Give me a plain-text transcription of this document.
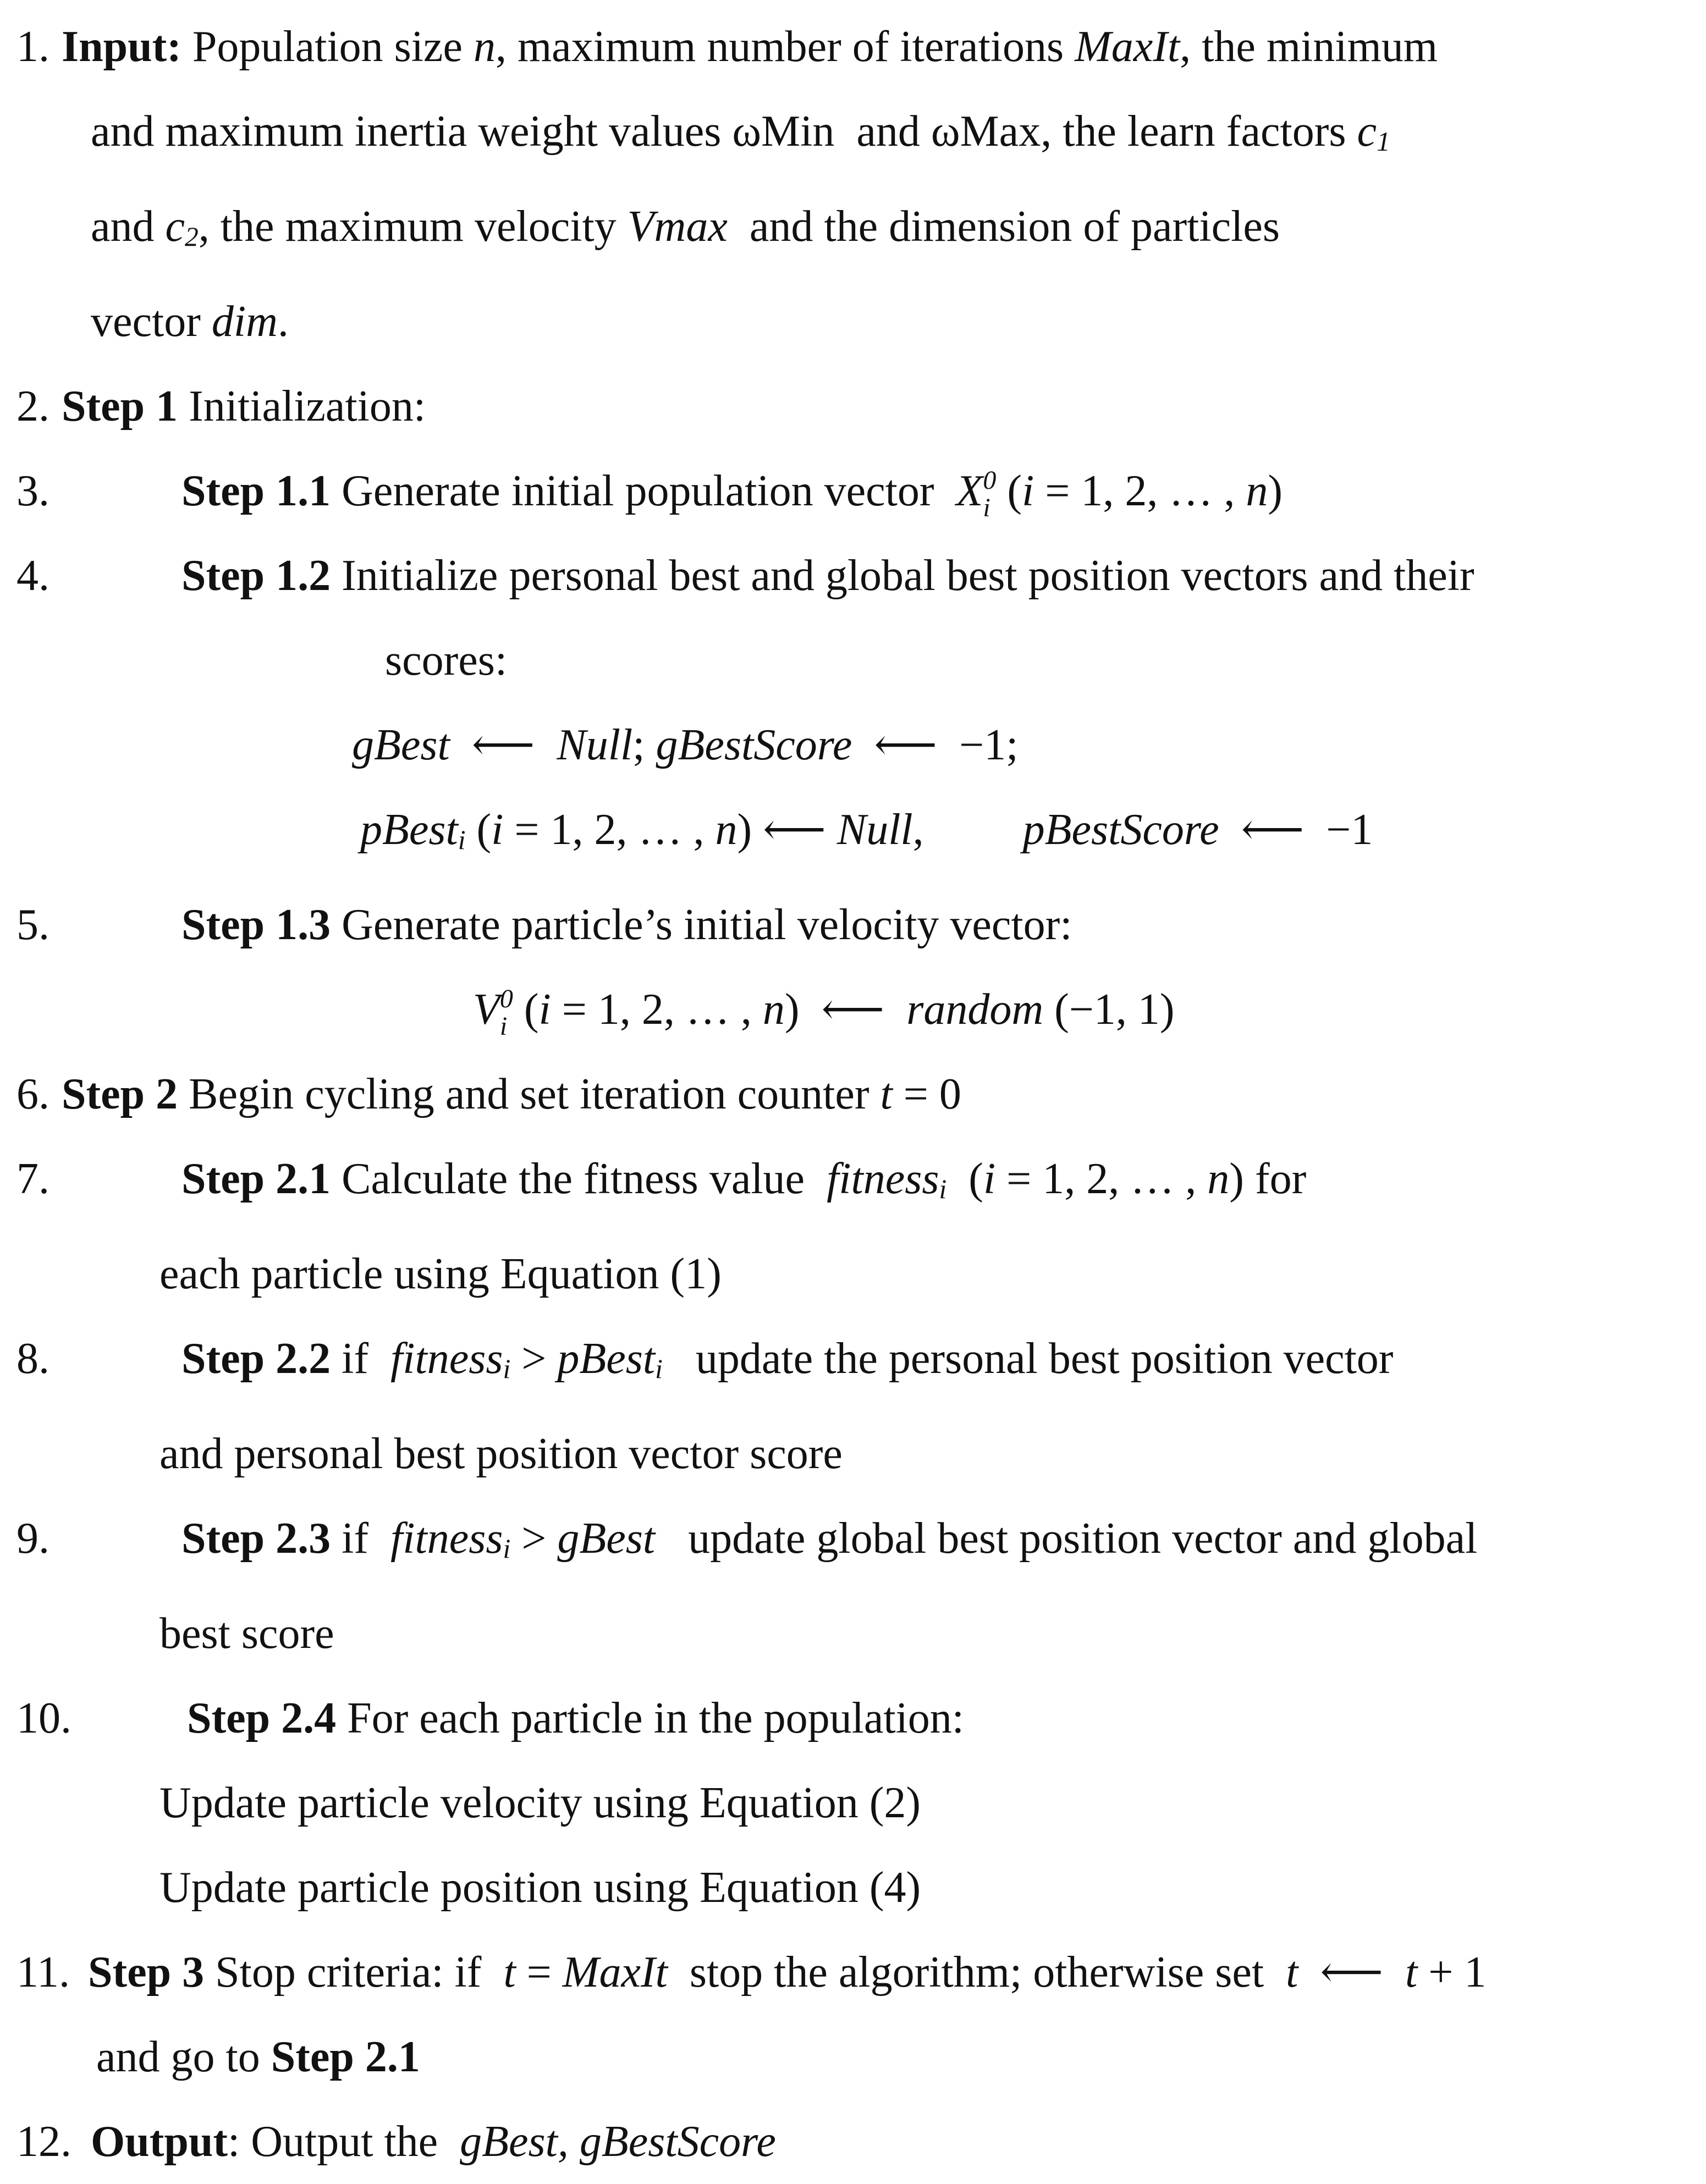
1. Input: Population size n, maximum number of iterations MaxIt, the minimum
and maximum inertia weight values ωMin  and ωMax, the learn factors c1
and c2, the maximum velocity Vmax  and the dimension of particles
vector dim.
2. Step 1 Initialization:
3.	Step 1.1 Generate initial population vector  X 0
i (i = 1, 2, … , n)
4.	Step 1.2 Initialize personal best and global best position vectors and their
scores:
gBest  ⟵  Null; gBestScore  ⟵  −1;
pBesti (i = 1, 2, … , n) ⟵ Null, pBestScore  ⟵  −1
5.	Step 1.3 Generate particle’s initial velocity vector:
V 0
i (i = 1, 2, … , n)  ⟵  random (−1, 1)
6. Step 2 Begin cycling and set iteration counter t = 0
7.	Step 2.1 Calculate the fitness value  fitnessi  (i = 1, 2, … , n) for
each particle using Equation (1)
8.	Step 2.2 if  fitnessi > pBesti   update the personal best position vector
and personal best position vector score
9.	Step 2.3 if  fitnessi > gBest   update global best position vector and global
best score
10.	Step 2.4 For each particle in the population:
Update particle velocity using Equation (2)
Update particle position using Equation (4)
11. Step 3 Stop criteria: if  t = MaxIt  stop the algorithm; otherwise set  t  ⟵  t + 1
and go to Step 2.1
12. Output: Output the  gBest, gBestScore
